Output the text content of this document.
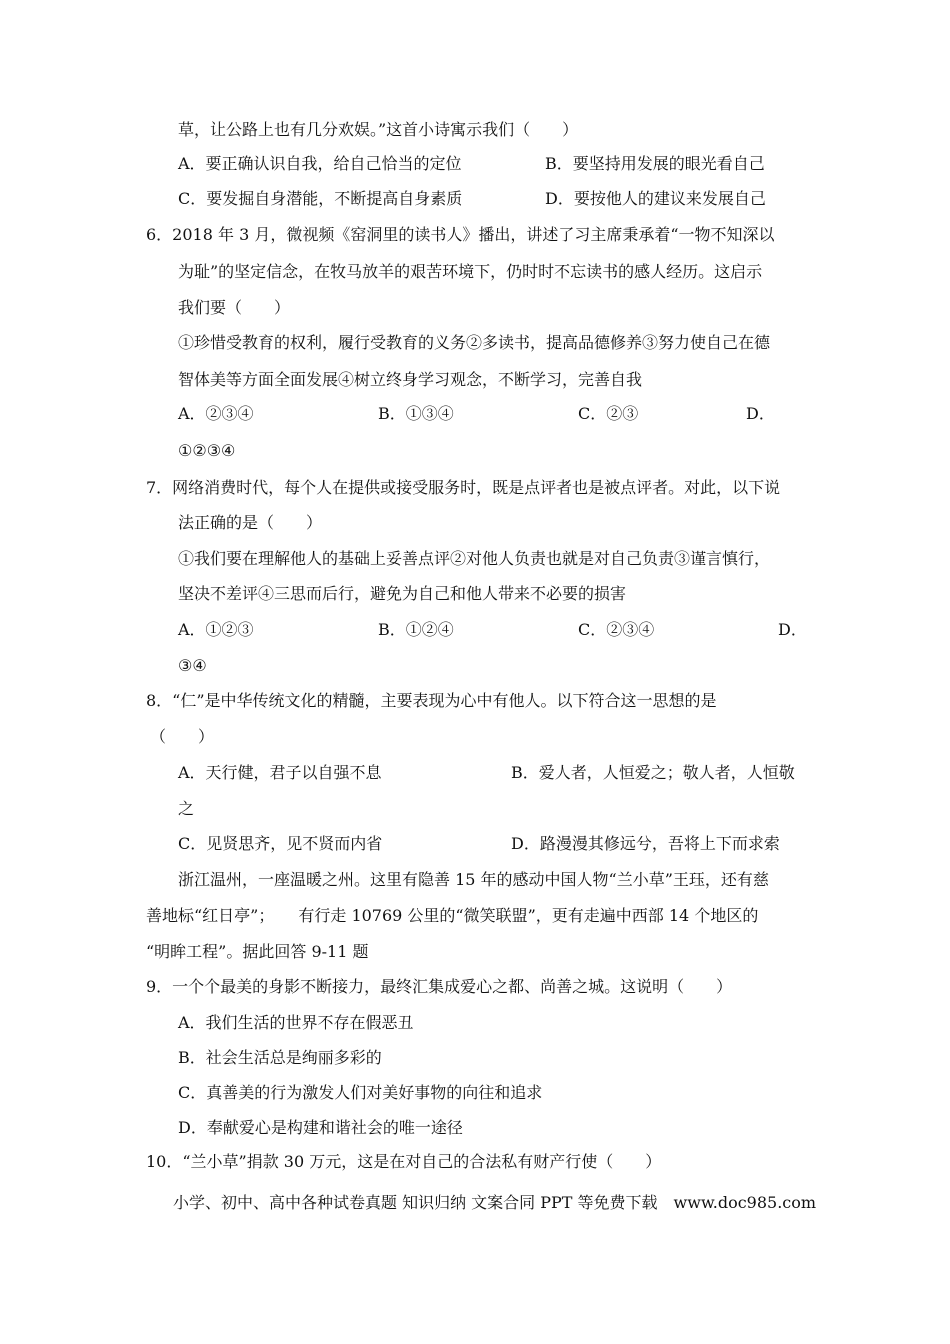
草，让公路上也有几分欢娱。”这首小诗寓示我们（　　）
A．要正确认识自我，给自己恰当的定位	B．要坚持用发展的眼光看自己
C．要发掘自身潜能，不断提高自身素质	D．要按他人的建议来发展自己
6．2018 年 3 月，微视频《窑洞里的读书人》播出，讲述了习主席秉承着“一物不知深以
为耻”的坚定信念，在牧马放羊的艰苦环境下，仍时时不忘读书的感人经历。这启示
我们要（　　）
①珍惜受教育的权利，履行受教育的义务②多读书，提高品德修养③努力使自己在德
智体美等方面全面发展④树立终身学习观念，不断学习，完善自我
A．②③④	B．①③④	C．②③	D．
①②③④
7．网络消费时代，每个人在提供或接受服务时，既是点评者也是被点评者。对此，以下说
法正确的是（　　）
①我们要在理解他人的基础上妥善点评②对他人负责也就是对自己负责③谨言慎行，
坚决不差评④三思而后行，避免为自己和他人带来不必要的损害
A．①②③	B．①②④	C．②③④	D．
③④
8．“仁”是中华传统文化的精髓，主要表现为心中有他人。以下符合这一思想的是
（　　）
A．天行健，君子以自强不息	B．爱人者，人恒爱之；敬人者，人恒敬
之
C．见贤思齐，见不贤而内省	D．路漫漫其修远兮，吾将上下而求索
浙江温州，一座温暖之州。这里有隐善 15 年的感动中国人物“兰小草”王珏，还有慈
善地标“红日亭”；　　有行走 10769 公里的“微笑联盟”，更有走遍中西部 14 个地区的
“明眸工程”。据此回答 9-11 题
9．一个个最美的身影不断接力，最终汇集成爱心之都、尚善之城。这说明（　　）
A．我们生活的世界不存在假恶丑
B．社会生活总是绚丽多彩的
C．真善美的行为激发人们对美好事物的向往和追求
D．奉献爱心是构建和谐社会的唯一途径
10．“兰小草”捐款 30 万元，这是在对自己的合法私有财产行使（　　）
小学、初中、高中各种试卷真题 知识归纳 文案合同 PPT 等免费下载　www.doc985.com
